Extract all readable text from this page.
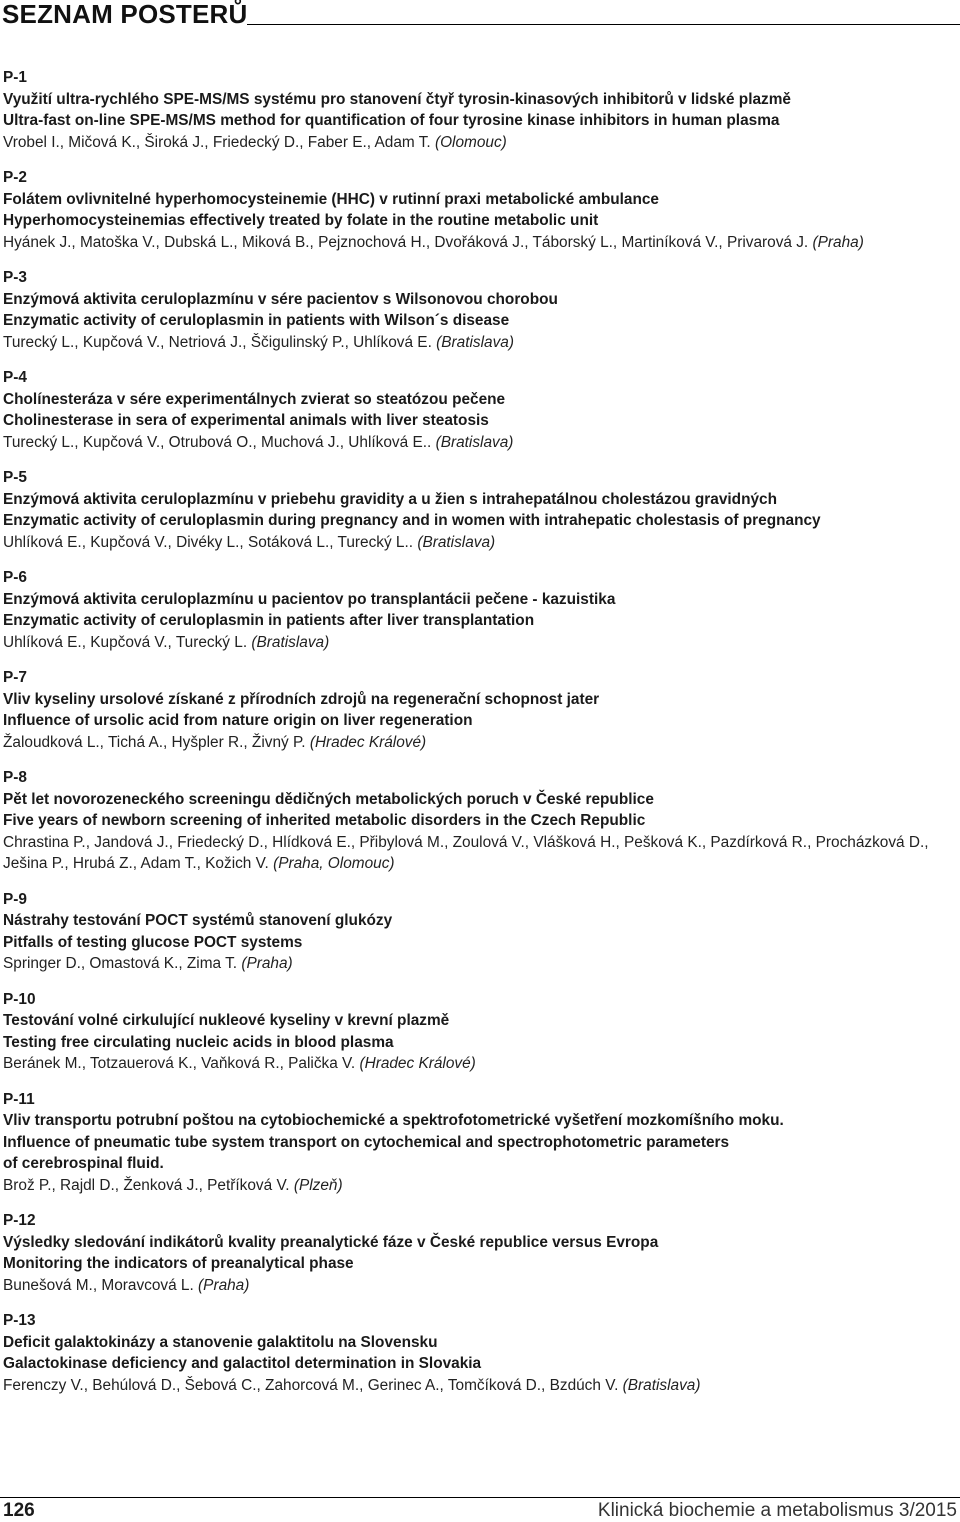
SEZNAM POSTERŮ
P-1
Využití ultra-rychlého SPE-MS/MS systému pro stanovení čtyř tyrosin-kinasových inhibitorů v lidské plazmě
Ultra-fast on-line SPE-MS/MS method for quantification of four tyrosine kinase inhibitors in human plasma
Vrobel I., Mičová K., Široká J., Friedecký D., Faber E., Adam T. (Olomouc)
P-2
Folátem ovlivnitelné hyperhomocysteinemie (HHC) v rutinní praxi metabolické ambulance
Hyperhomocysteinemias effectively treated by folate in the routine metabolic unit
Hyánek J., Matoška V., Dubská L., Miková B., Pejznochová H., Dvořáková J., Táborský L., Martiníková V., Privarová J. (Praha)
P-3
Enzýmová aktivita ceruloplazmínu v sére pacientov s Wilsonovou chorobou
Enzymatic activity of ceruloplasmin in patients with Wilson´s disease
Turecký L., Kupčová V., Netriová J., Ščigulinský P., Uhlíková E. (Bratislava)
P-4
Cholínesteráza v sére experimentálnych zvierat so steatózou pečene
Cholinesterase in sera of experimental animals with liver steatosis
Turecký L., Kupčová V., Otrubová O., Muchová J., Uhlíková E.. (Bratislava)
P-5
Enzýmová aktivita ceruloplazmínu v priebehu gravidity a u žien s intrahepatálnou cholestázou gravidných
Enzymatic activity of ceruloplasmin during pregnancy and in women with intrahepatic cholestasis of pregnancy
Uhlíková E., Kupčová V., Divéky L., Sotáková L., Turecký L.. (Bratislava)
P-6
Enzýmová aktivita ceruloplazmínu u pacientov po transplantácii pečene - kazuistika
Enzymatic activity of ceruloplasmin in patients after liver transplantation
Uhlíková E., Kupčová V., Turecký L. (Bratislava)
P-7
Vliv kyseliny ursolové získané z přírodních zdrojů na regenerační schopnost jater
Influence of ursolic acid from nature origin on liver regeneration
Žaloudková L., Tichá A., Hyšpler R., Živný P. (Hradec Králové)
P-8
Pět let novorozeneckého screeningu dědičných metabolických poruch v České republice
Five years of newborn screening of inherited metabolic disorders in the Czech Republic
Chrastina P., Jandová J., Friedecký D., Hlídková E., Přibylová M., Zoulová V., Vlášková H., Pešková K., Pazdírková R., Procházková D., Ješina P., Hrubá Z., Adam T., Kožich V. (Praha, Olomouc)
P-9
Nástrahy testování POCT systémů stanovení glukózy
Pitfalls of testing glucose POCT systems
Springer D., Omastová K., Zima T. (Praha)
P-10
Testování volné cirkulující nukleové kyseliny v krevní plazmě
Testing free circulating nucleic acids in blood plasma
Beránek M., Totzauerová K., Vaňková R., Palička V. (Hradec Králové)
P-11
Vliv transportu potrubní poštou na cytobiochemické a spektrofotometrické vyšetření mozkomíšního moku.
Influence of pneumatic tube system transport on cytochemical and spectrophotometric parameters
of cerebrospinal fluid.
Brož P., Rajdl D., Ženková J., Petříková V. (Plzeň)
P-12
Výsledky sledování indikátorů kvality preanalytické fáze v České republice versus Evropa
Monitoring the indicators of preanalytical phase
Bunešová M., Moravcová L. (Praha)
P-13
Deficit galaktokinázy a stanovenie galaktitolu na Slovensku
Galactokinase deficiency and galactitol determination in Slovakia
Ferenczy V., Behúlová D., Šebová C., Zahorcová M., Gerinec A., Tomčíková D., Bzdúch V. (Bratislava)
126	Klinická biochemie a metabolismus 3/2015
